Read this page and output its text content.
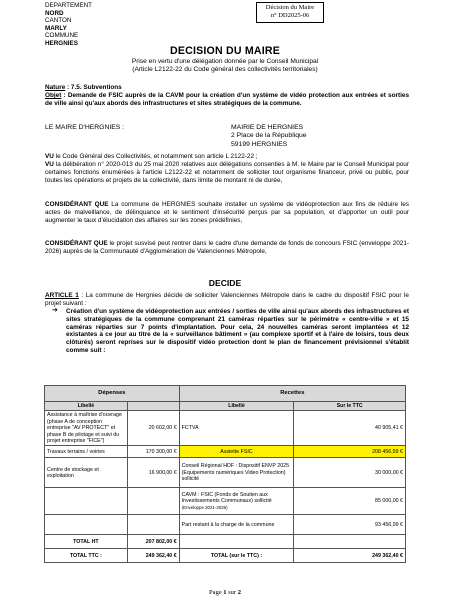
DEPARTEMENT
NORD
CANTON
MARLY
COMMUNE
HERGNIES
Décision du Maire
n° DD2025-06
DECISION DU MAIRE
Prise en vertu d'une délégation donnée par le Conseil Municipal
(Article L2122-22 du Code général des collectivités territoriales)
Nature : 7.5. Subventions
Objet : Demande de FSIC auprès de la CAVM pour la création d'un système de vidéo protection aux entrées et sorties de ville ainsi qu'aux abords des infrastructures et sites stratégiques de la commune.
LE MAIRE D'HERGNIES :	MAIRIE DE HERGNIES
2 Place de la République
59199 HERGNIES
VU le Code Général des Collectivités, et notamment son article L 2122-22 ;
VU la délibération n° 2020-013 du 25 mai 2020 relatives aux délégations consenties à M. le Maire par le Conseil Municipal pour certaines fonctions énumérées à l'article L2122-22 et notamment de solliciter tout organisme financeur, privé ou public, pour toutes les opérations et projets de la collectivité, dans limite de montant ni de durée,
CONSIDÉRANT QUE La commune de HERGNIES souhaite installer un système de vidéoprotection aux fins de réduire les actes de malveillance, de délinquance et le sentiment d'insécurité perçus par sa population, et d'apporter un outil pour augmenter le taux d'élucidation des affaires sur les zones prédéfinies,
CONSIDÉRANT QUE le projet susvisé peut rentrer dans le cadre d'une demande de fonds de concours FSIC (enveloppe 2021-2026) auprès de la Communauté d'Agglomération de Valenciennes Métropole,
DECIDE
ARTICLE 1 : La commune de Hergnies décide de solliciter Valenciennes Métropole dans le cadre du dispositif FSIC pour le projet suivant :
➔ Création d'un système de vidéoprotection aux entrées / sorties de ville ainsi qu'aux abords des infrastructures et sites stratégiques de la commune comprenant 21 caméras réparties sur le périmètre « centre-ville » et 15 caméras réparties sur 7 points d'implantation. Pour cela, 24 nouvelles caméras seront implantées et 12 existantes à ce jour au titre de la « surveillance bâtiment » (au complexe sportif et à l'aire de loisirs, tous deux clôturés) seront reprises sur le dispositif vidéo protection dont le plan de financement prévisionnel s'établit comme suit :
Dépenses		Recettes	
Libellé		Libellé	Sur le TTC
Assistance à maîtrise d'ouvrage (phase A de conception entreprise "AV PROTECT" et phase B de pilotage et suivi du projet entreprise "FICE")	20 602,00 €	FCTVA	40 905,41 €
Travaux terrains / voiries	170 300,00 €	Assiette FSIC	208 456,99 €
Centre de stockage et exploitation	16 900,00 €	Conseil Régional HDF : Dispositif ENVP 2025 (Equipements numériques Video Protection) sollicité	30 000,00 €
		CAVM : FSIC (Fonds de Soutien aux Investissements Communaux) sollicité (Enveloppe 2021-2026)	85 000,00 €
		Part restant à la charge de la commune	93 456,99 €
TOTAL HT	207 802,00 €		
TOTAL TTC :	249 362,40 €	TOTAL (sur le TTC) :	249 362,40 €
Page 1 sur 2
